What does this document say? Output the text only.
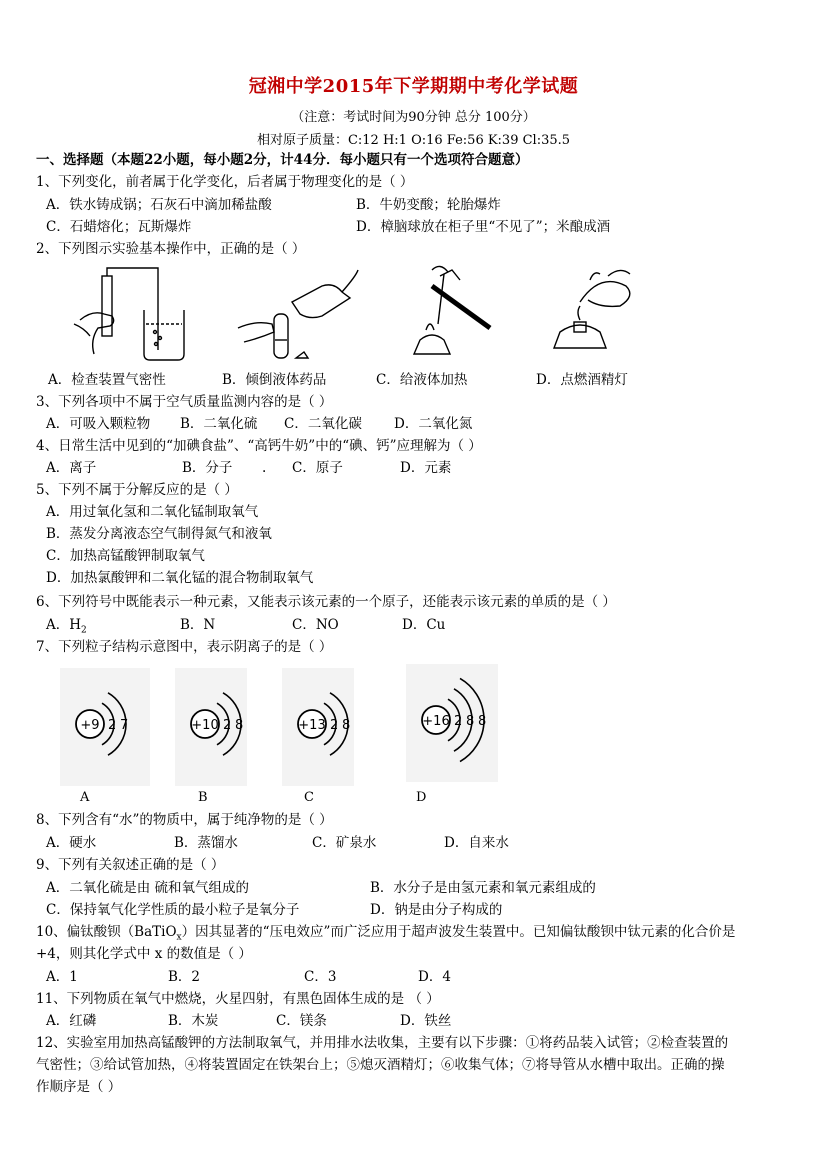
冠湘中学2015年下学期期中考化学试题
（注意：考试时间为90分钟 总分 100分）
相对原子质量：C:12 H:1 O:16 Fe:56 K:39 Cl:35.5
一、选择题（本题22小题，每小题2分，计44分．每小题只有一个选项符合题意）
1、下列变化，前者属于化学变化，后者属于物理变化的是（ ）
A．铁水铸成锅；石灰石中滴加稀盐酸	B．牛奶变酸；轮胎爆炸
C．石蜡熔化；瓦斯爆炸	D．樟脑球放在柜子里“不见了”；米酿成酒
2、下列图示实验基本操作中，正确的是（ ）
A．检查装置气密性	B．倾倒液体药品	C．给液体加热	D．点燃酒精灯
3、下列各项中不属于空气质量监测内容的是（ ）
A．可吸入颗粒物 B．二氧化硫 C．二氧化碳 D．二氧化氮
4、日常生活中见到的“加碘食盐”、“高钙牛奶”中的“碘、钙”应理解为（ ）
A．离子	B．分子 . C．原子	D．元素
5、下列不属于分解反应的是（ ）
A．用过氧化氢和二氧化锰制取氧气
B．蒸发分离液态空气制得氮气和液氧
C．加热高锰酸钾制取氧气
D．加热氯酸钾和二氧化锰的混合物制取氧气
6、下列符号中既能表示一种元素，又能表示该元素的一个原子，还能表示该元素的单质的是（ ）
A．$H_2$	B．N	C．NO	D．Cu
7、下列粒子结构示意图中，表示阴离子的是（ ）
+9 2 7	+10 2 8	+13 2 8	+16 2 8 8
A	B	C	D
8、下列含有“水”的物质中，属于纯净物的是（ ）
A．硬水	B．蒸馏水	C．矿泉水	D．自来水
9、下列有关叙述正确的是（ ）
A．二氧化硫是由 硫和氧气组成的	B．水分子是由氢元素和氧元素组成的
C．保持氧气化学性质的最小粒子是氧分子	D．钠是由分子构成的
10、偏钛酸钡（BaTiO$_x$）因其显著的“压电效应”而广泛应用于超声波发生装置中。已知偏钛酸钡中钛元素的化合价是
+4，则其化学式中 x 的数值是（ ）
A．1	B．2	C．3	D．4
11、下列物质在氧气中燃烧，火星四射，有黑色固体生成的是 （ ）
A．红磷	B．木炭	C．镁条	D．铁丝
12、实验室用加热高锰酸钾的方法制取氧气，并用排水法收集，主要有以下步骤：①将药品装入试管；②检查装置的
气密性；③给试管加热，④将装置固定在铁架台上；⑤熄灭酒精灯；⑥收集气体；⑦将导管从水槽中取出。正确的操
作顺序是（ ）
